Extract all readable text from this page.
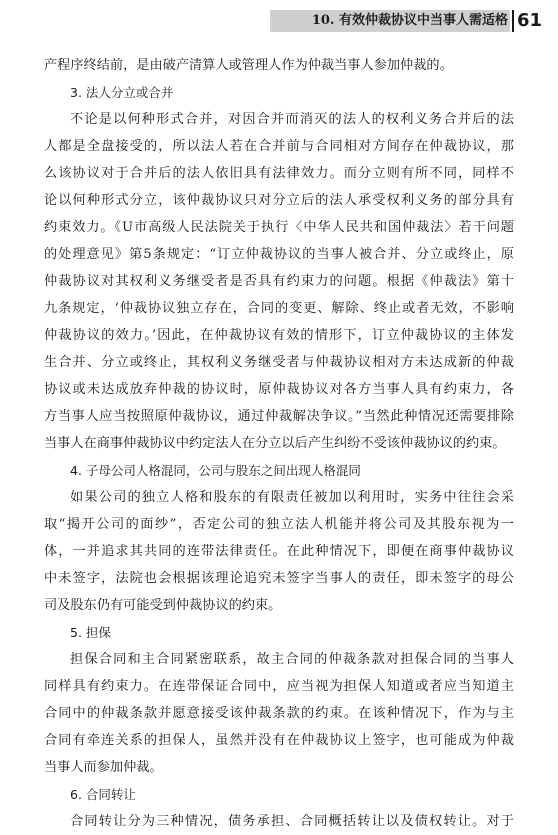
10. 有效仲裁协议中当事人需适格 61
产程序终结前，是由破产清算人或管理人作为仲裁当事人参加仲裁的。
3. 法人分立或合并
不论是以何种形式合并，对因合并而消灭的法人的权利义务合并后的法
人都是全盘接受的，所以法人若在合并前与合同相对方间存在仲裁协议，那
么该协议对于合并后的法人依旧具有法律效力。而分立则有所不同，同样不
论以何种形式分立，该仲裁协议只对分立后的法人承受权利义务的部分具有
约束效力。《U市高级人民法院关于执行〈中华人民共和国仲裁法〉若干问题
的处理意见》第5条规定：“订立仲裁协议的当事人被合并、分立或终止，原
仲裁协议对其权利义务继受者是否具有约束力的问题。根据《仲裁法》第十
九条规定，‘仲裁协议独立存在，合同的变更、解除、终止或者无效，不影响
仲裁协议的效力。’因此，在仲裁协议有效的情形下，订立仲裁协议的主体发
生合并、分立或终止，其权利义务继受者与仲裁协议相对方未达成新的仲裁
协议或未达成放弃仲裁的协议时，原仲裁协议对各方当事人具有约束力，各
方当事人应当按照原仲裁协议，通过仲裁解决争议。”当然此种情况还需要排除
当事人在商事仲裁协议中约定法人在分立以后产生纠纷不受该仲裁协议的约束。
4. 子母公司人格混同，公司与股东之间出现人格混同
如果公司的独立人格和股东的有限责任被加以利用时，实务中往往会采
取“揭开公司的面纱”，否定公司的独立法人机能并将公司及其股东视为一
体，一并追求其共同的连带法律责任。在此种情况下，即便在商事仲裁协议
中未签字，法院也会根据该理论追究未签字当事人的责任，即未签字的母公
司及股东仍有可能受到仲裁协议的约束。
5. 担保
担保合同和主合同紧密联系，故主合同的仲裁条款对担保合同的当事人
同样具有约束力。在连带保证合同中，应当视为担保人知道或者应当知道主
合同中的仲裁条款并愿意接受该仲裁条款的约束。在该种情况下，作为与主
合同有牵连关系的担保人，虽然并没有在仲裁协议上签字，也可能成为仲裁
当事人而参加仲裁。
6. 合同转让
合同转让分为三种情况，债务承担、合同概括转让以及债权转让。对于
